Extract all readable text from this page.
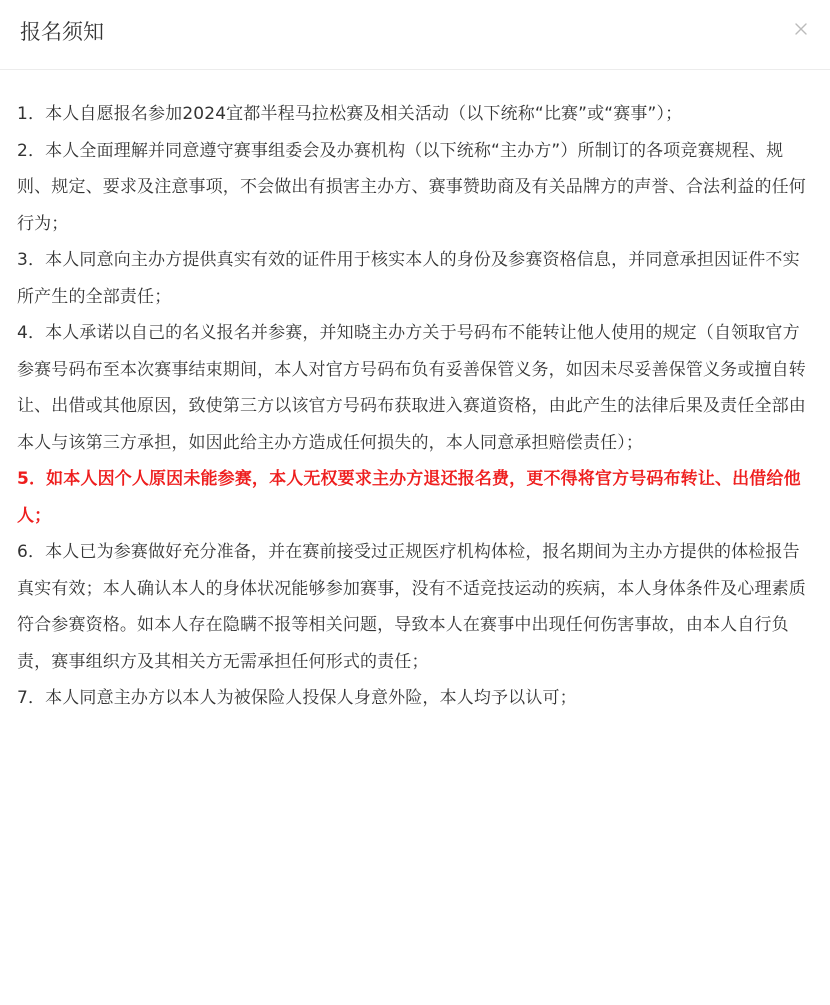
报名须知

1．本人自愿报名参加2024宜都半程马拉松赛及相关活动（以下统称“比赛”或“赛事”）；

2．本人全面理解并同意遵守赛事组委会及办赛机构（以下统称“主办方”）所制订的各项竞赛规程、规则、规定、要求及注意事项，不会做出有损害主办方、赛事赞助商及有关品牌方的声誉、合法利益的任何行为；

3．本人同意向主办方提供真实有效的证件用于核实本人的身份及参赛资格信息，并同意承担因证件不实所产生的全部责任；

4．本人承诺以自己的名义报名并参赛，并知晓主办方关于号码布不能转让他人使用的规定（自领取官方参赛号码布至本次赛事结束期间，本人对官方号码布负有妥善保管义务，如因未尽妥善保管义务或擅自转让、出借或其他原因，致使第三方以该官方号码布获取进入赛道资格，由此产生的法律后果及责任全部由本人与该第三方承担，如因此给主办方造成任何损失的，本人同意承担赔偿责任）；

5．如本人因个人原因未能参赛，本人无权要求主办方退还报名费，更不得将官方号码布转让、出借给他人；

6．本人已为参赛做好充分准备，并在赛前接受过正规医疗机构体检，报名期间为主办方提供的体检报告真实有效；本人确认本人的身体状况能够参加赛事，没有不适竞技运动的疾病，本人身体条件及心理素质符合参赛资格。如本人存在隐瞒不报等相关问题，导致本人在赛事中出现任何伤害事故，由本人自行负责，赛事组织方及其相关方无需承担任何形式的责任；

7．本人同意主办方以本人为被保险人投保人身意外险，本人均予以认可；
